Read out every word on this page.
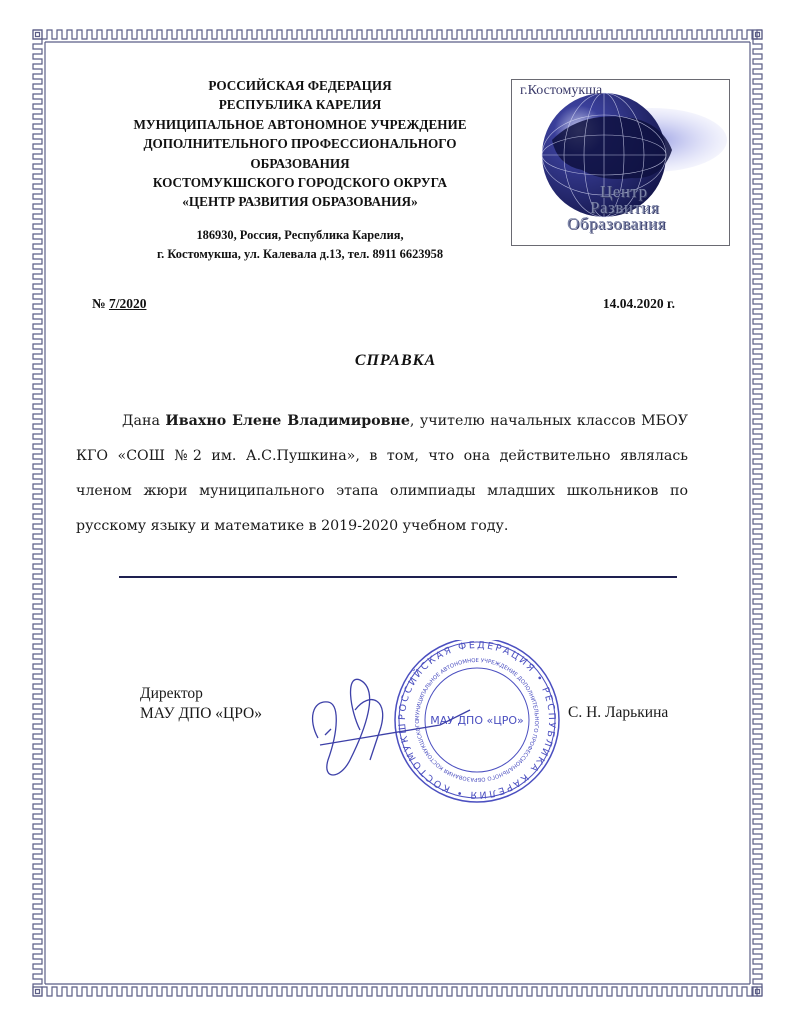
РОССИЙСКАЯ ФЕДЕРАЦИЯ
РЕСПУБЛИКА КАРЕЛИЯ
МУНИЦИПАЛЬНОЕ АВТОНОМНОЕ УЧРЕЖДЕНИЕ
ДОПОЛНИТЕЛЬНОГО ПРОФЕССИОНАЛЬНОГО
ОБРАЗОВАНИЯ
КОСТОМУКШСКОГО ГОРОДСКОГО ОКРУГА
«ЦЕНТР РАЗВИТИЯ ОБРАЗОВАНИЯ»
186930, Россия, Республика Карелия,
г. Костомукша, ул. Калевала д.13, тел. 8911 6623958
г.Костомукша
Центр
Развития
Образования
№ 7/2020	14.04.2020 г.
СПРАВКА
Дана Ивахно Елене Владимировне, учителю начальных классов МБОУ КГО «СОШ №2 им. А.С.Пушкина», в том, что она действительно являлась членом жюри муниципального этапа олимпиады младших школьников по русскому языку и математике в 2019-2020 учебном году.
Директор
МАУ ДПО «ЦРО»	РОССИЙСКАЯ ФЕДЕРАЦИЯ • РЕСПУБЛИКА КАРЕЛИЯ • КОСТОМУКШ
МУНИЦИПАЛЬНОЕ АВТОНОМНОЕ УЧРЕЖДЕНИЕ ДОПОЛНИТЕЛЬНОГО ПРОФЕССИОНАЛЬНОГО ОБРАЗОВАНИЯ КОСТОМУКШСКОГО МАУ ДПО «ЦРО»	С. Н. Ларькина
